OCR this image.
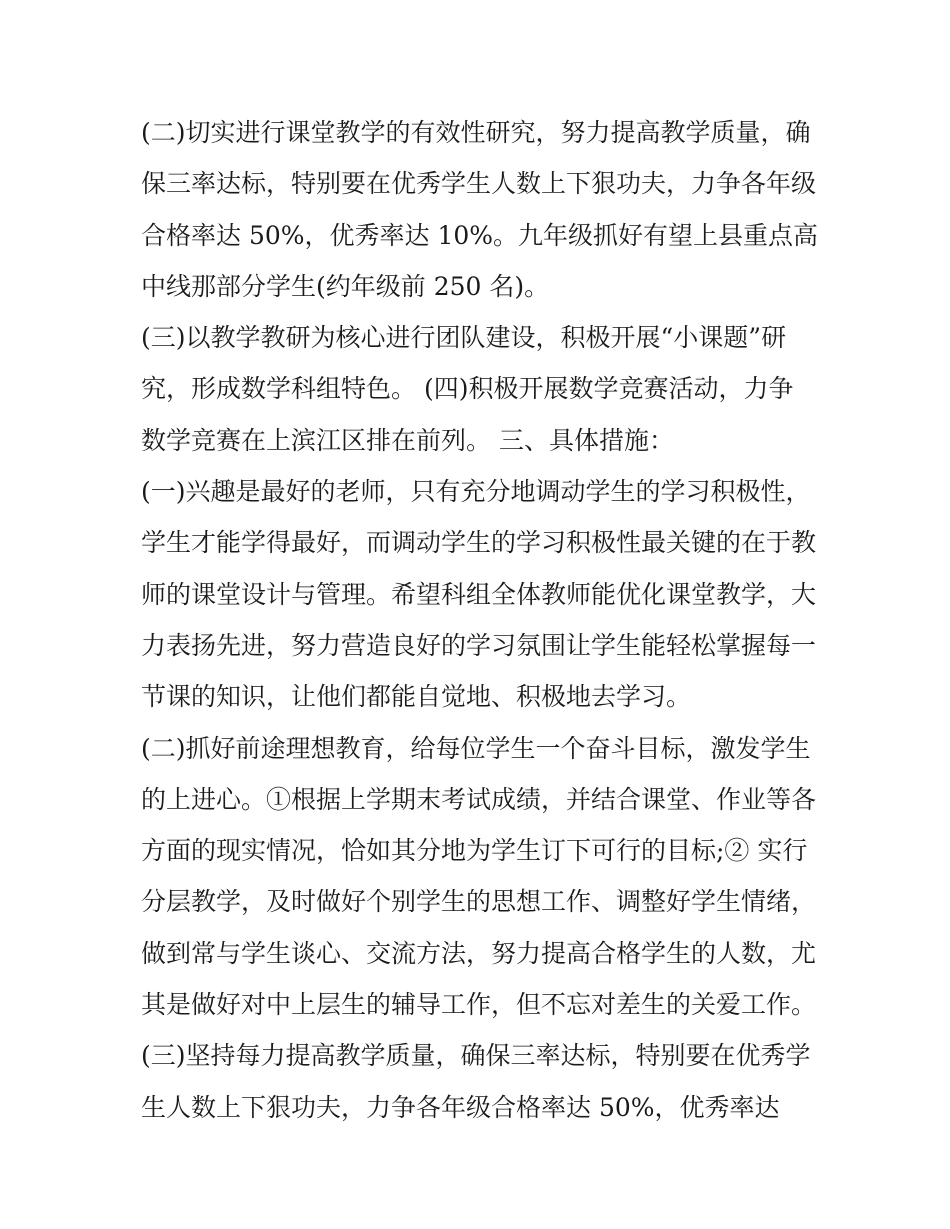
(二)切实进行课堂教学的有效性研究，努力提高教学质量，确
保三率达标，特别要在优秀学生人数上下狠功夫，力争各年级
合格率达 50%，优秀率达 10%。九年级抓好有望上县重点高
中线那部分学生(约年级前 250 名)。
(三)以教学教研为核心进行团队建设，积极开展“小课题”研
究，形成数学科组特色。 (四)积极开展数学竞赛活动，力争
数学竞赛在上滨江区排在前列。 三、具体措施：
(一)兴趣是最好的老师，只有充分地调动学生的学习积极性，
学生才能学得最好，而调动学生的学习积极性最关键的在于教
师的课堂设计与管理。希望科组全体教师能优化课堂教学，大
力表扬先进，努力营造良好的学习氛围让学生能轻松掌握每一
节课的知识，让他们都能自觉地、积极地去学习。
(二)抓好前途理想教育，给每位学生一个奋斗目标，激发学生
的上进心。①根据上学期末考试成绩，并结合课堂、作业等各
方面的现实情况，恰如其分地为学生订下可行的目标;② 实行
分层教学，及时做好个别学生的思想工作、调整好学生情绪，
做到常与学生谈心、交流方法，努力提高合格学生的人数，尤
其是做好对中上层生的辅导工作，但不忘对差生的关爱工作。
(三)坚持每力提高教学质量，确保三率达标，特别要在优秀学
生人数上下狠功夫，力争各年级合格率达 50%，优秀率达
